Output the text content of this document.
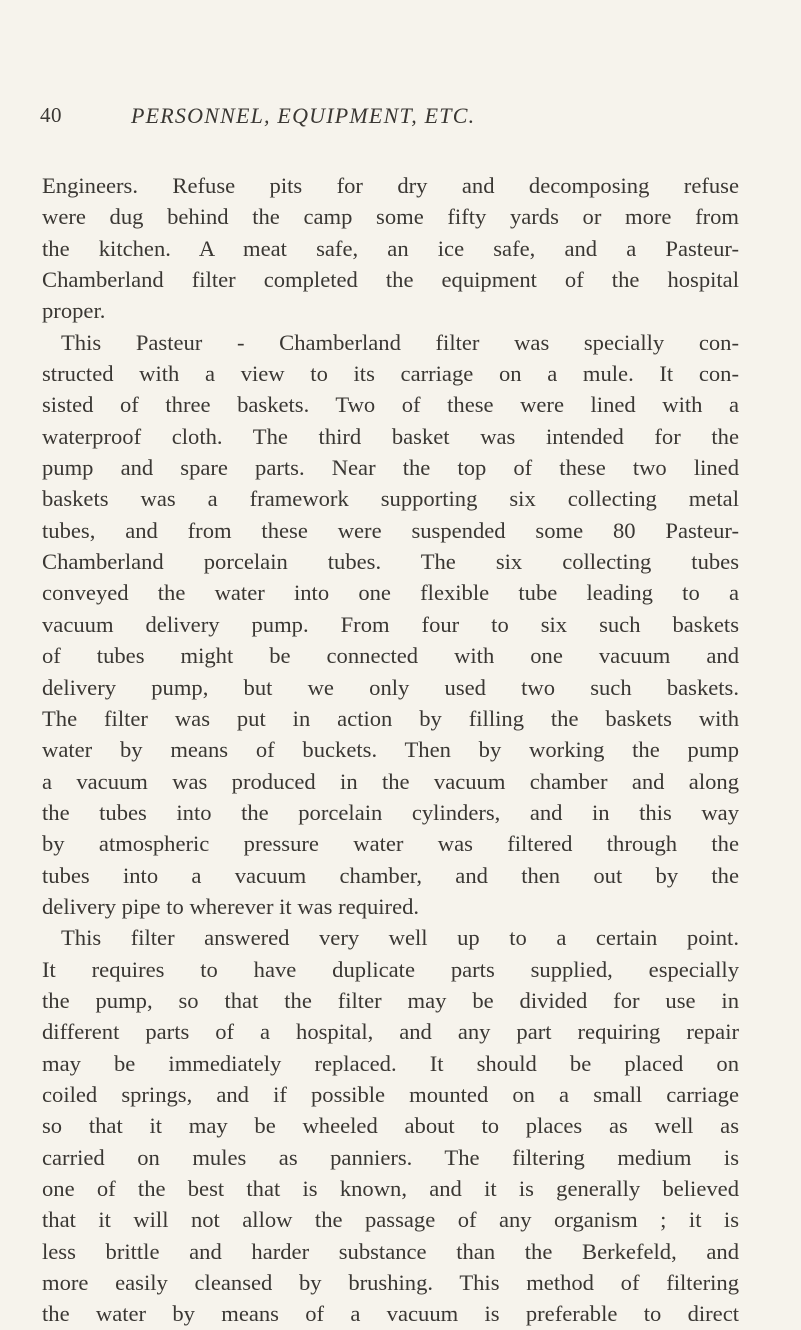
40	PERSONNEL, EQUIPMENT, ETC.
Engineers. Refuse pits for dry and decomposing refuse
were dug behind the camp some fifty yards or more from
the kitchen. A meat safe, an ice safe, and a Pasteur-
Chamberland filter completed the equipment of the hospital
proper.
This Pasteur - Chamberland filter was specially con-
structed with a view to its carriage on a mule. It con-
sisted of three baskets. Two of these were lined with a
waterproof cloth. The third basket was intended for the
pump and spare parts. Near the top of these two lined
baskets was a framework supporting six collecting metal
tubes, and from these were suspended some 80 Pasteur-
Chamberland porcelain tubes. The six collecting tubes
conveyed the water into one flexible tube leading to a
vacuum delivery pump. From four to six such baskets
of tubes might be connected with one vacuum and
delivery pump, but we only used two such baskets.
The filter was put in action by filling the baskets with
water by means of buckets. Then by working the pump
a vacuum was produced in the vacuum chamber and along
the tubes into the porcelain cylinders, and in this way
by atmospheric pressure water was filtered through the
tubes into a vacuum chamber, and then out by the
delivery pipe to wherever it was required.
This filter answered very well up to a certain point.
It requires to have duplicate parts supplied, especially
the pump, so that the filter may be divided for use in
different parts of a hospital, and any part requiring repair
may be immediately replaced. It should be placed on
coiled springs, and if possible mounted on a small carriage
so that it may be wheeled about to places as well as
carried on mules as panniers. The filtering medium is
one of the best that is known, and it is generally believed
that it will not allow the passage of any organism ; it is
less brittle and harder substance than the Berkefeld, and
more easily cleansed by brushing. This method of filtering
the water by means of a vacuum is preferable to direct
